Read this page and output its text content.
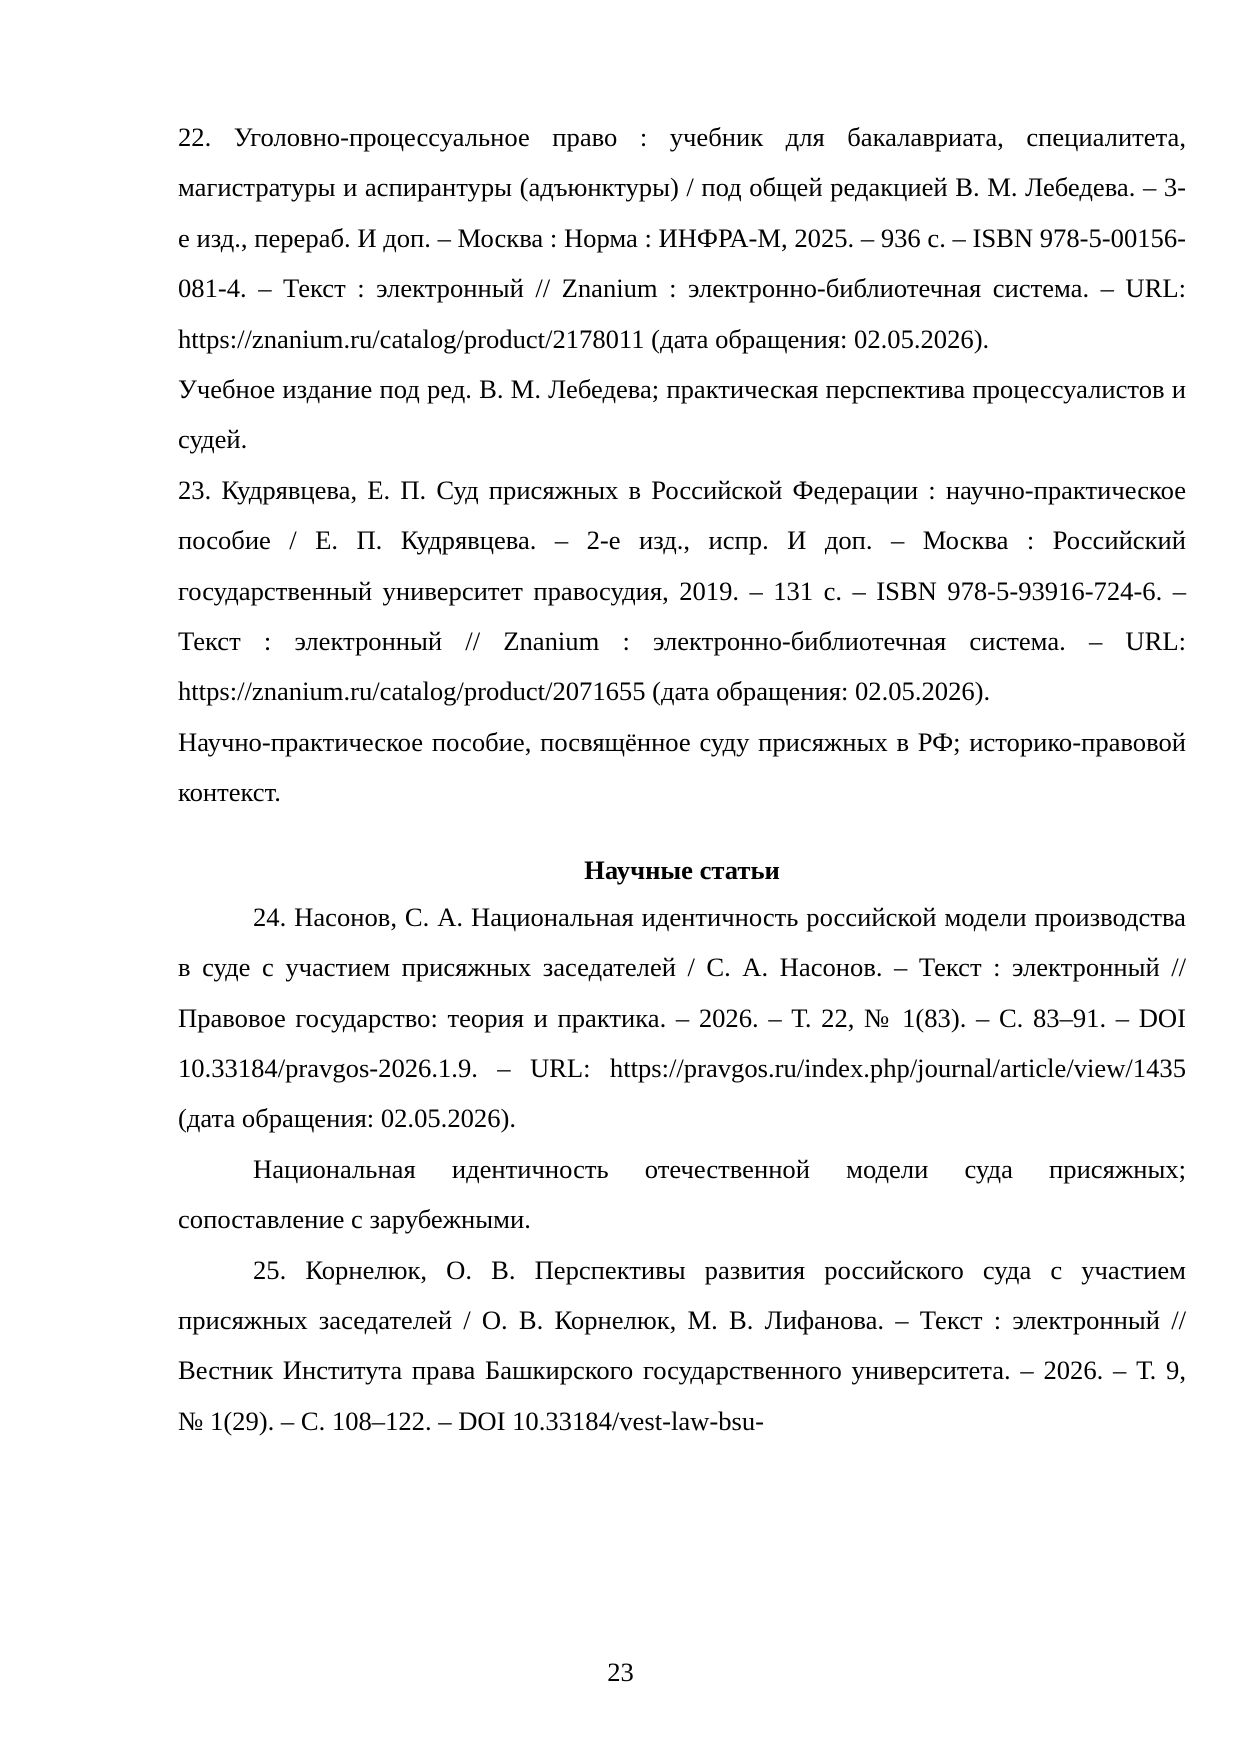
22. Уголовно-процессуальное право : учебник для бакалавриата, специалитета, магистратуры и аспирантуры (адъюнктуры) / под общей редакцией В. М. Лебедева. – 3-е изд., перераб. И доп. – Москва : Норма : ИНФРА-М, 2025. – 936 с. – ISBN 978-5-00156-081-4. – Текст : электронный // Znanium : электронно-библиотечная система. – URL: https://znanium.ru/catalog/product/2178011 (дата обращения: 02.05.2026).

Учебное издание под ред. В. М. Лебедева; практическая перспектива процессуалистов и судей.

23. Кудрявцева, Е. П. Суд присяжных в Российской Федерации : научно-практическое пособие / Е. П. Кудрявцева. – 2-е изд., испр. И доп. – Москва : Российский государственный университет правосудия, 2019. – 131 с. – ISBN 978-5-93916-724-6. – Текст : электронный // Znanium : электронно-библиотечная система. – URL: https://znanium.ru/catalog/product/2071655 (дата обращения: 02.05.2026).

Научно-практическое пособие, посвящённое суду присяжных в РФ; историко-правовой контекст.

Научные статьи

24. Насонов, С. А. Национальная идентичность российской модели производства в суде с участием присяжных заседателей / С. А. Насонов. – Текст : электронный // Правовое государство: теория и практика. – 2026. – Т. 22, № 1(83). – С. 83–91. – DOI 10.33184/pravgos-2026.1.9. – URL: https://pravgos.ru/index.php/journal/article/view/1435 (дата обращения: 02.05.2026).

Национальная идентичность отечественной модели суда присяжных; сопоставление с зарубежными.

25. Корнелюк, О. В. Перспективы развития российского суда с участием присяжных заседателей / О. В. Корнелюк, М. В. Лифанова. – Текст : электронный // Вестник Института права Башкирского государственного университета. – 2026. – Т. 9, № 1(29). – С. 108–122. – DOI 10.33184/vest-law-bsu-

23
